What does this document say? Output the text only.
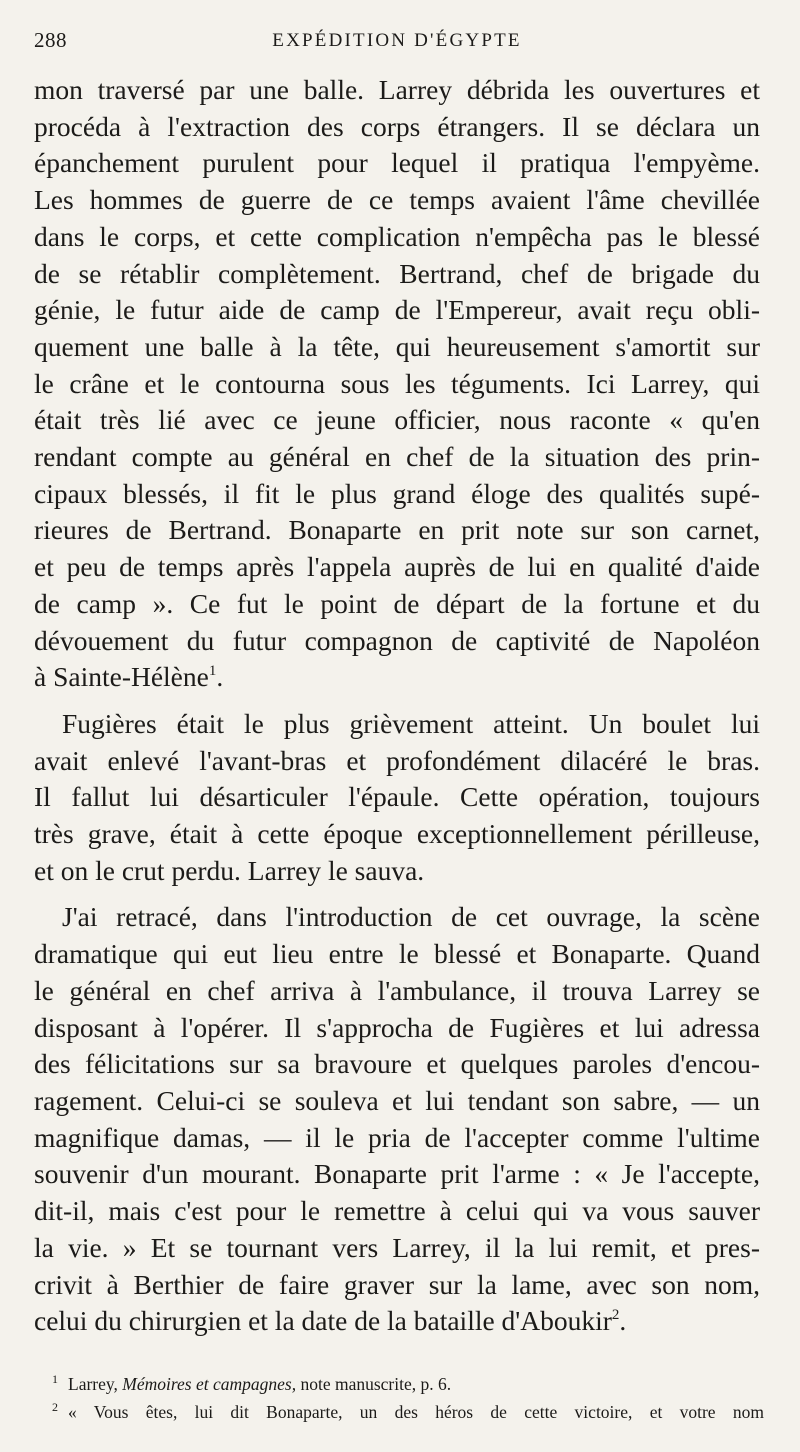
288	EXPÉDITION D'ÉGYPTE
mon traversé par une balle. Larrey débrida les ouvertures et
procéda à l'extraction des corps étrangers. Il se déclara un
épanchement purulent pour lequel il pratiqua l'empyème.
Les hommes de guerre de ce temps avaient l'âme chevillée
dans le corps, et cette complication n'empêcha pas le blessé
de se rétablir complètement. Bertrand, chef de brigade du
génie, le futur aide de camp de l'Empereur, avait reçu obli-
quement une balle à la tête, qui heureusement s'amortit sur
le crâne et le contourna sous les téguments. Ici Larrey, qui
était très lié avec ce jeune officier, nous raconte « qu'en
rendant compte au général en chef de la situation des prin-
cipaux blessés, il fit le plus grand éloge des qualités supé-
rieures de Bertrand. Bonaparte en prit note sur son carnet,
et peu de temps après l'appela auprès de lui en qualité d'aide
de camp ». Ce fut le point de départ de la fortune et du
dévouement du futur compagnon de captivité de Napoléon
à Sainte-Hélène$^1$.
Fugières était le plus grièvement atteint. Un boulet lui
avait enlevé l'avant-bras et profondément dilacéré le bras.
Il fallut lui désarticuler l'épaule. Cette opération, toujours
très grave, était à cette époque exceptionnellement périlleuse,
et on le crut perdu. Larrey le sauva.
J'ai retracé, dans l'introduction de cet ouvrage, la scène
dramatique qui eut lieu entre le blessé et Bonaparte. Quand
le général en chef arriva à l'ambulance, il trouva Larrey se
disposant à l'opérer. Il s'approcha de Fugières et lui adressa
des félicitations sur sa bravoure et quelques paroles d'encou-
ragement. Celui-ci se souleva et lui tendant son sabre, — un
magnifique damas, — il le pria de l'accepter comme l'ultime
souvenir d'un mourant. Bonaparte prit l'arme : « Je l'accepte,
dit-il, mais c'est pour le remettre à celui qui va vous sauver
la vie. » Et se tournant vers Larrey, il la lui remit, et pres-
crivit à Berthier de faire graver sur la lame, avec son nom,
celui du chirurgien et la date de la bataille d'Aboukir$^2$.
$^1$ Larrey, Mémoires et campagnes, note manuscrite, p. 6.
$^2$ « Vous êtes, lui dit Bonaparte, un des héros de cette victoire, et votre nom
